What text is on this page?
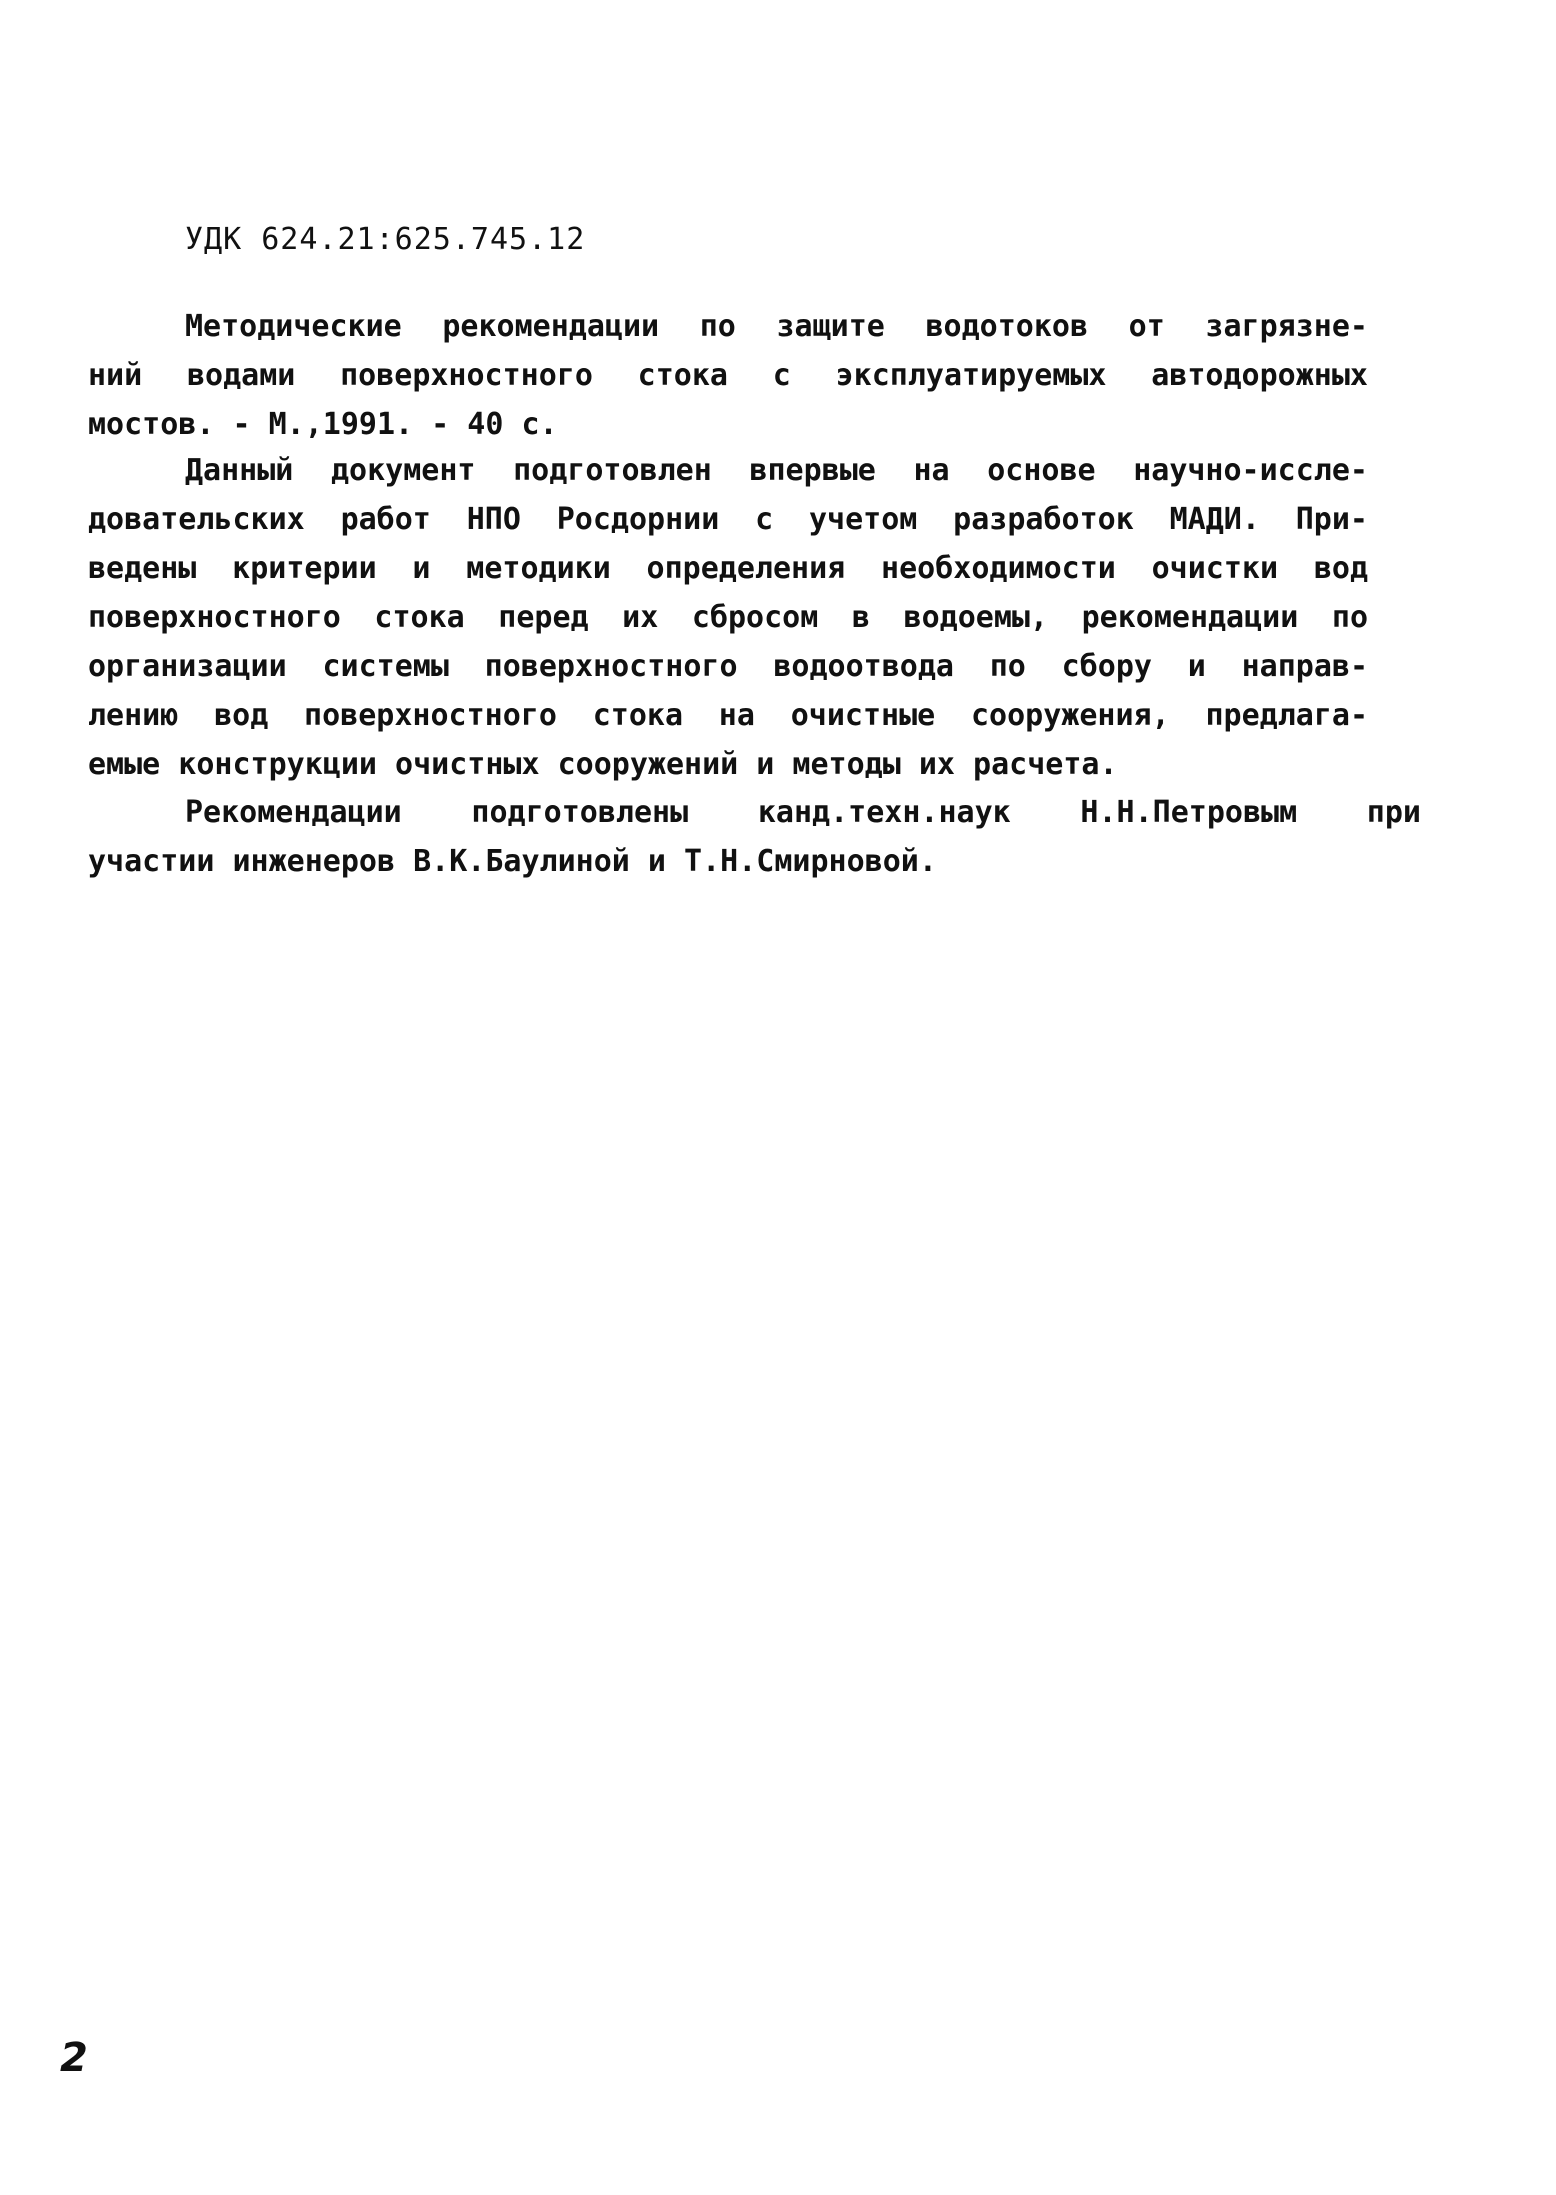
УДК 624.21:625.745.12
Методические рекомендации по защите водотоков от загрязне-
ний водами поверхностного стока с эксплуатируемых автодорожных
мостов. - М.,1991. - 40 с.
Данный документ подготовлен впервые на основе научно-иссле-
довательских работ НПО Росдорнии с учетом разработок МАДИ. При-
ведены критерии и методики определения необходимости очистки вод
поверхностного стока перед их сбросом в водоемы, рекомендации по
организации системы поверхностного водоотвода по сбору и направ-
лению вод поверхностного стока на очистные сооружения, предлага-
емые конструкции очистных сооружений и методы их расчета.
Рекомендации подготовлены канд.техн.наук Н.Н.Петровым при
участии инженеров В.К.Баулиной и Т.Н.Смирновой.
2
